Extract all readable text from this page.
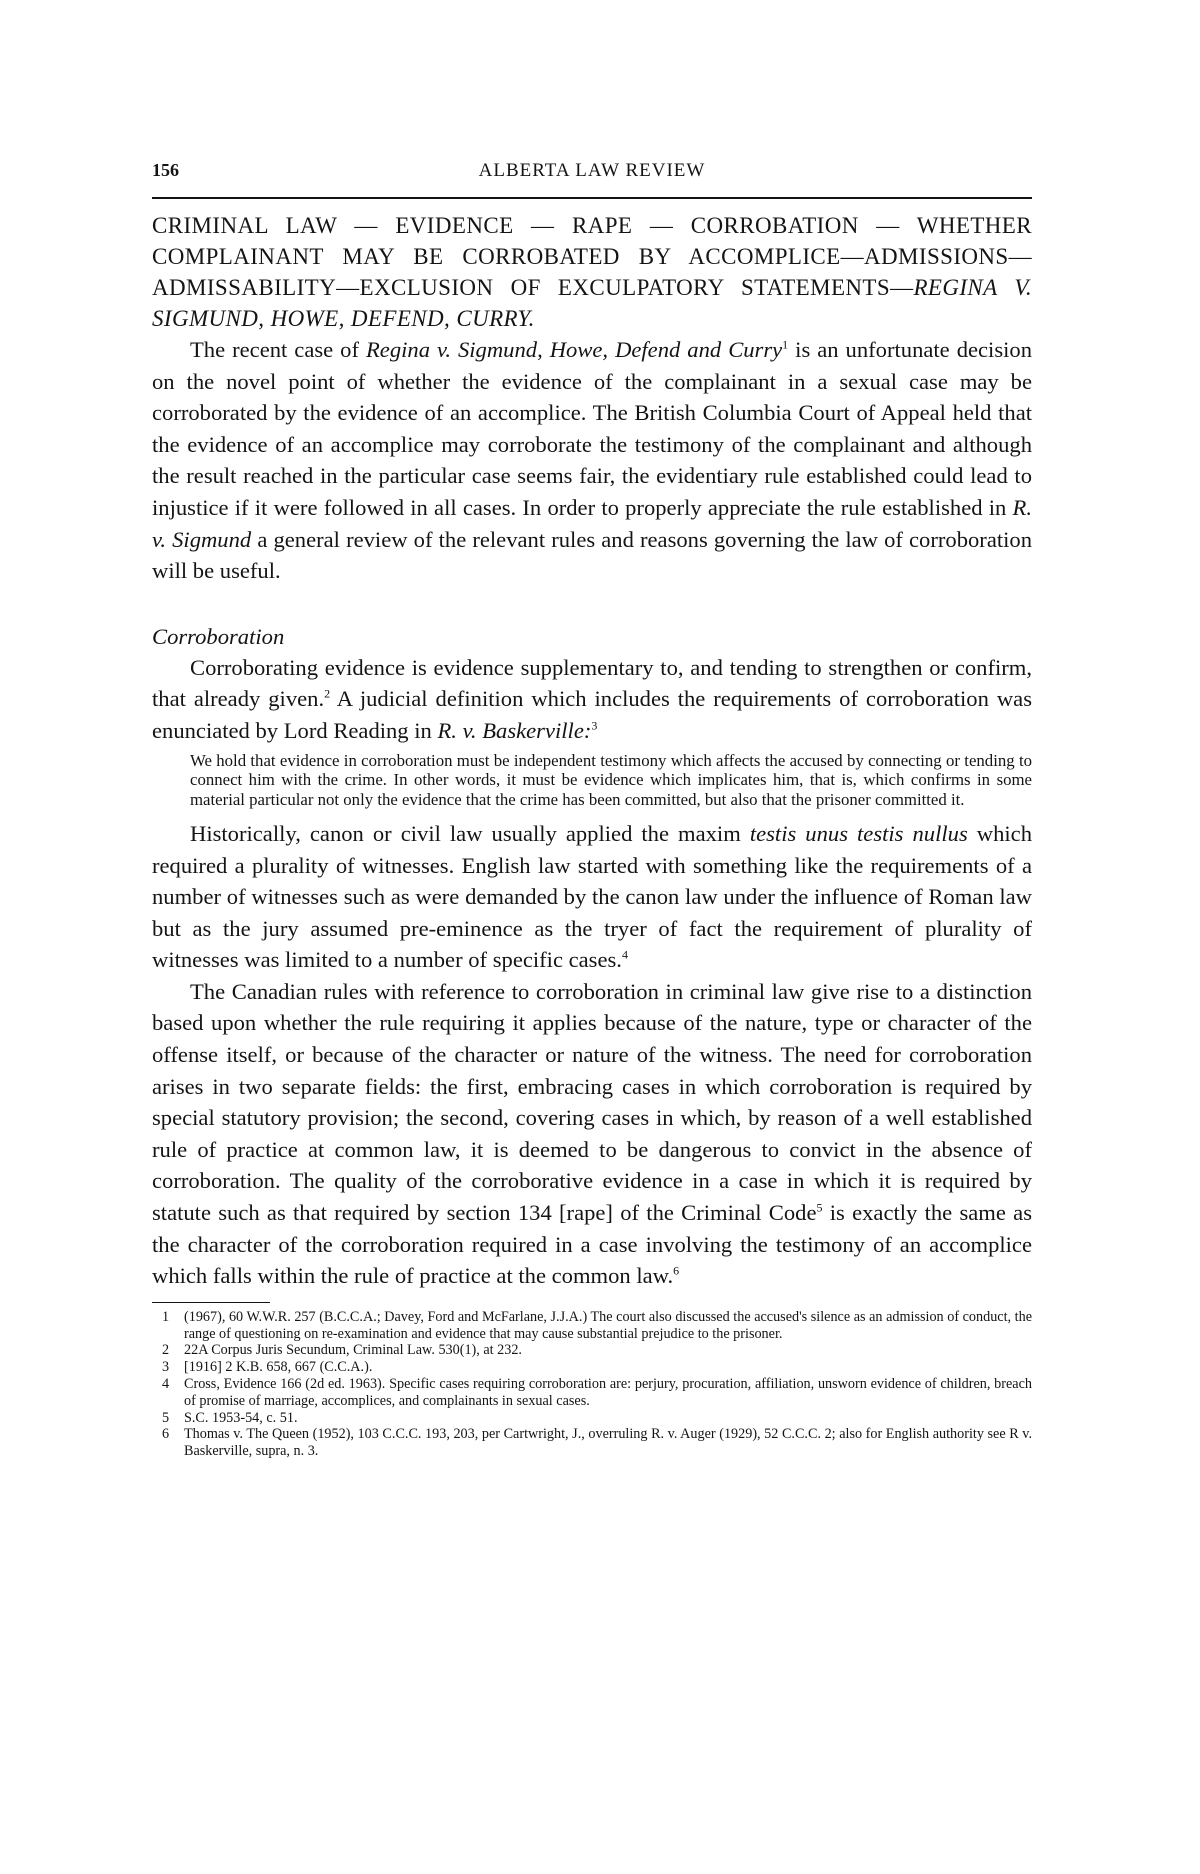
156	ALBERTA LAW REVIEW
CRIMINAL LAW — EVIDENCE — RAPE — CORROBATION — WHETHER COMPLAINANT MAY BE CORROBATED BY ACCOMPLICE—ADMISSIONS—ADMISSABILITY—EXCLUSION OF EXCULPATORY STATEMENTS—REGINA V. SIGMUND, HOWE, DEFEND, CURRY.

The recent case of Regina v. Sigmund, Howe, Defend and Curry$^1$ is an unfortunate decision on the novel point of whether the evidence of the complainant in a sexual case may be corroborated by the evidence of an accomplice. The British Columbia Court of Appeal held that the evidence of an accomplice may corroborate the testimony of the complainant and although the result reached in the particular case seems fair, the evidentiary rule established could lead to injustice if it were followed in all cases. In order to properly appreciate the rule established in R. v. Sigmund a general review of the relevant rules and reasons governing the law of corroboration will be useful.

Corroboration

Corroborating evidence is evidence supplementary to, and tending to strengthen or confirm, that already given.$^2$ A judicial definition which includes the requirements of corroboration was enunciated by Lord Reading in R. v. Baskerville:$^3$

We hold that evidence in corroboration must be independent testimony which affects the accused by connecting or tending to connect him with the crime. In other words, it must be evidence which implicates him, that is, which confirms in some material particular not only the evidence that the crime has been committed, but also that the prisoner committed it.

Historically, canon or civil law usually applied the maxim testis unus testis nullus which required a plurality of witnesses. English law started with something like the requirements of a number of witnesses such as were demanded by the canon law under the influence of Roman law but as the jury assumed pre-eminence as the tryer of fact the requirement of plurality of witnesses was limited to a number of specific cases.$^4$

The Canadian rules with reference to corroboration in criminal law give rise to a distinction based upon whether the rule requiring it applies because of the nature, type or character of the offense itself, or because of the character or nature of the witness. The need for corroboration arises in two separate fields: the first, embracing cases in which corroboration is required by special statutory provision; the second, covering cases in which, by reason of a well established rule of practice at common law, it is deemed to be dangerous to convict in the absence of corroboration. The quality of the corroborative evidence in a case in which it is required by statute such as that required by section 134 [rape] of the Criminal Code$^5$ is exactly the same as the character of the corroboration required in a case involving the testimony of an accomplice which falls within the rule of practice at the common law.$^6$

1	(1967), 60 W.W.R. 257 (B.C.C.A.; Davey, Ford and McFarlane, J.J.A.) The court also discussed the accused's silence as an admission of conduct, the range of questioning on re-examination and evidence that may cause substantial prejudice to the prisoner.
2	22A Corpus Juris Secundum, Criminal Law. 530(1), at 232.
3	[1916] 2 K.B. 658, 667 (C.C.A.).
4	Cross, Evidence 166 (2d ed. 1963). Specific cases requiring corroboration are: perjury, procuration, affiliation, unsworn evidence of children, breach of promise of marriage, accomplices, and complainants in sexual cases.
5	S.C. 1953-54, c. 51.
6	Thomas v. The Queen (1952), 103 C.C.C. 193, 203, per Cartwright, J., overruling R. v. Auger (1929), 52 C.C.C. 2; also for English authority see R v. Baskerville, supra, n. 3.
